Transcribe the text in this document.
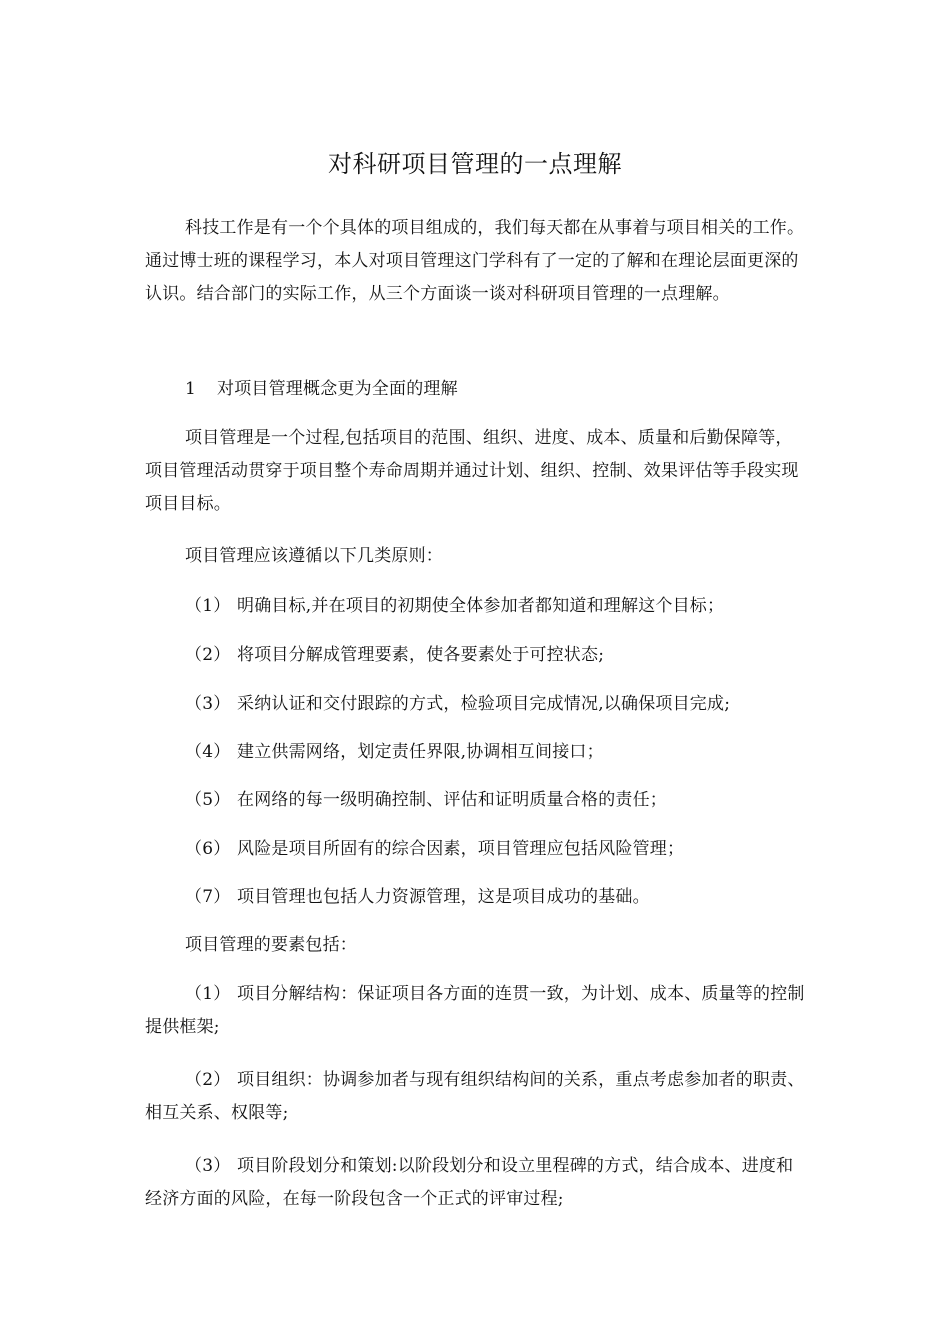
对科研项目管理的一点理解

科技工作是有一个个具体的项目组成的，我们每天都在从事着与项目相关的工作。通过博士班的课程学习，本人对项目管理这门学科有了一定的了解和在理论层面更深的认识。结合部门的实际工作，从三个方面谈一谈对科研项目管理的一点理解。

1 对项目管理概念更为全面的理解

项目管理是一个过程,包括项目的范围、组织、进度、成本、质量和后勤保障等，项目管理活动贯穿于项目整个寿命周期并通过计划、组织、控制、效果评估等手段实现项目目标。

项目管理应该遵循以下几类原则：

（1） 明确目标,并在项目的初期使全体参加者都知道和理解这个目标；

（2） 将项目分解成管理要素，使各要素处于可控状态;

（3） 采纳认证和交付跟踪的方式，检验项目完成情况,以确保项目完成;

（4） 建立供需网络，划定责任界限,协调相互间接口；

（5） 在网络的每一级明确控制、评估和证明质量合格的责任；

（6） 风险是项目所固有的综合因素，项目管理应包括风险管理；

（7） 项目管理也包括人力资源管理，这是项目成功的基础。

项目管理的要素包括：

（1） 项目分解结构：保证项目各方面的连贯一致，为计划、成本、质量等的控制提供框架;

（2） 项目组织：协调参加者与现有组织结构间的关系，重点考虑参加者的职责、相互关系、权限等;

（3） 项目阶段划分和策划:以阶段划分和设立里程碑的方式，结合成本、进度和经济方面的风险，在每一阶段包含一个正式的评审过程;
